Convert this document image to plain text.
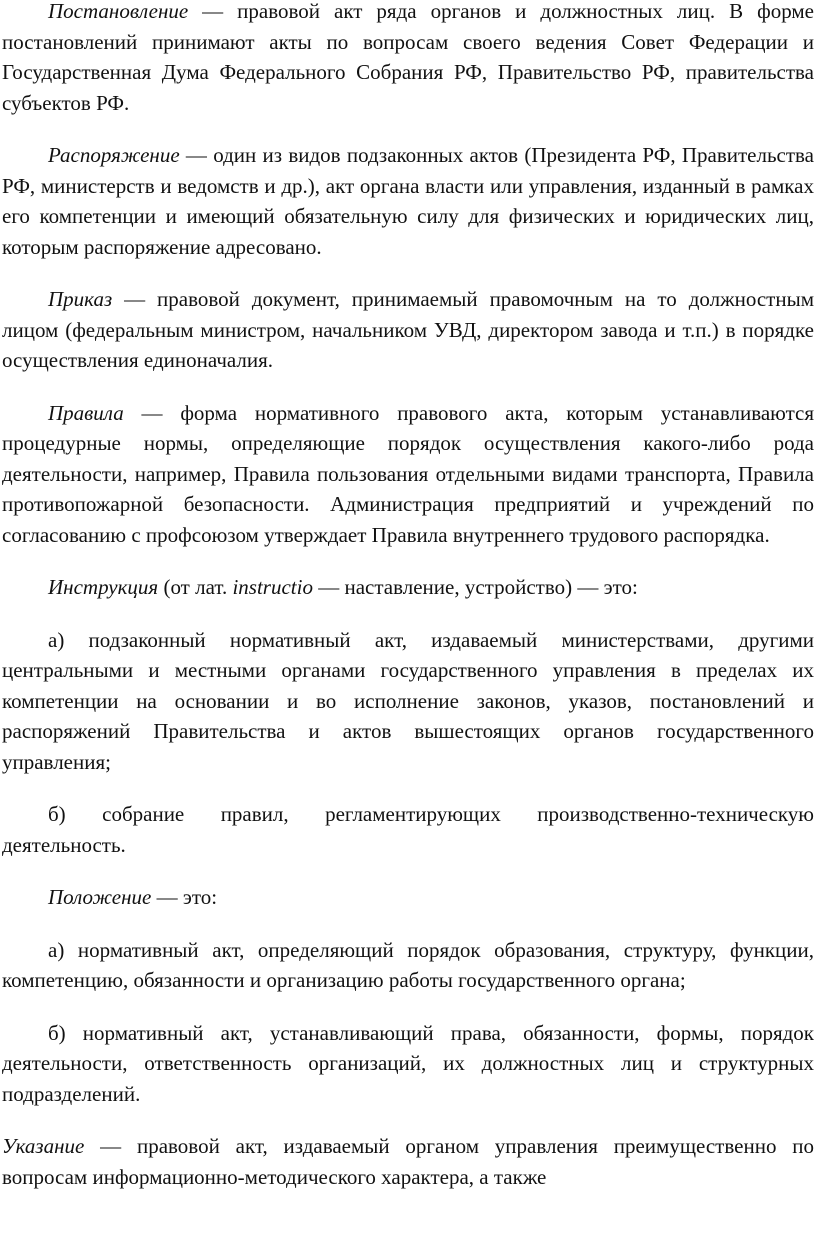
Постановление — правовой акт ряда органов и должностных лиц. В форме постановлений принимают акты по вопросам своего ведения Совет Федерации и Государственная Дума Федерального Собрания РФ, Правительство РФ, правительства субъектов РФ.

Распоряжение — один из видов подзаконных актов (Президента РФ, Правительства РФ, министерств и ведомств и др.), акт органа власти или управления, изданный в рамках его компетенции и имеющий обязательную силу для физических и юридических лиц, которым распоряжение адресовано.

Приказ — правовой документ, принимаемый правомочным на то должностным лицом (федеральным министром, начальником УВД, директором завода и т.п.) в порядке осуществления единоначалия.

Правила — форма нормативного правового акта, которым устанавливаются процедурные нормы, определяющие порядок осуществления какого-либо рода деятельности, например, Правила пользования отдельными видами транспорта, Правила противопожарной безопасности. Администрация предприятий и учреждений по согласованию с профсоюзом утверждает Правила внутреннего трудового распорядка.

Инструкция (от лат. instructio — наставление, устройство) — это:

а) подзаконный нормативный акт, издаваемый министерствами, другими центральными и местными органами государственного управления в пределах их компетенции на основании и во исполнение законов, указов, постановлений и распоряжений Правительства и актов вышестоящих органов государственного управления;

б) собрание правил, регламентирующих производственно-техническую деятельность.

Положение — это:

а) нормативный акт, определяющий порядок образования, структуру, функции, компетенцию, обязанности и организацию работы государственного органа;

б) нормативный акт, устанавливающий права, обязанности, формы, порядок деятельности, ответственность организаций, их должностных лиц и структурных подразделений.

Указание — правовой акт, издаваемый органом управления преимущественно по вопросам информационно-методического характера, а также
